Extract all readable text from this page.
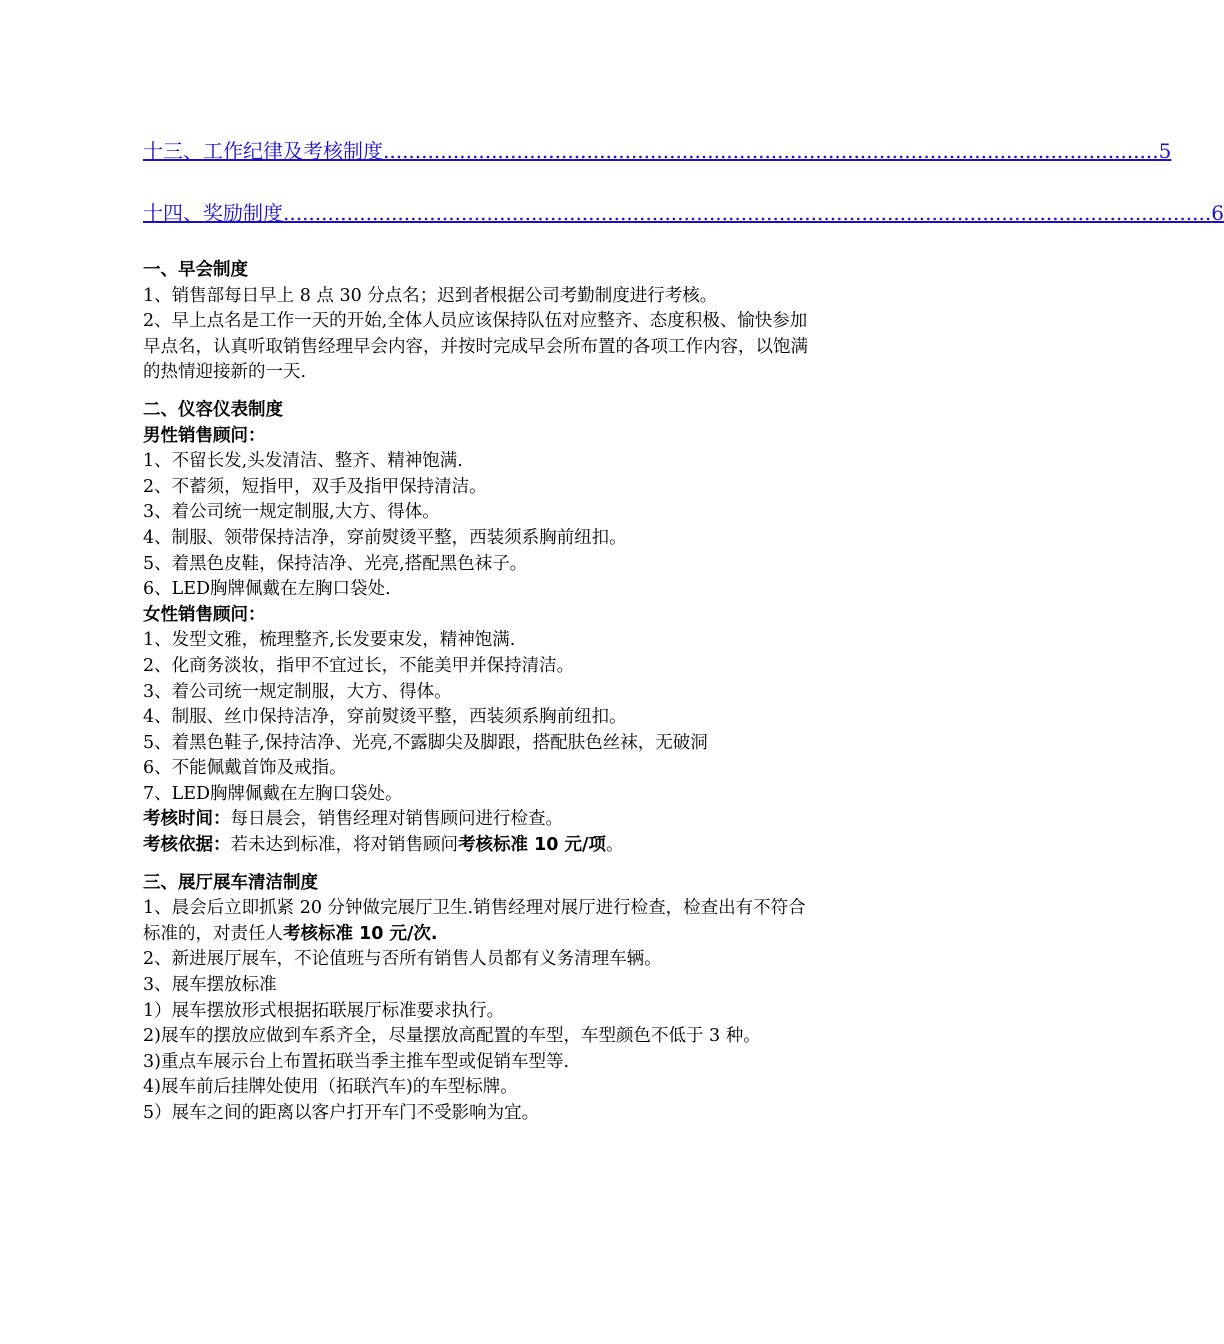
十三、工作纪律及考核制度 .......................................................................................................................... 5
十四、奖励制度 .................................................................................................................................................. 6

一、早会制度

1、销售部每日早上 8 点 30 分点名；迟到者根据公司考勤制度进行考核。

2、早上点名是工作一天的开始,全体人员应该保持队伍对应整齐、态度积极、愉快参加早点名，认真听取销售经理早会内容，并按时完成早会所布置的各项工作内容，以饱满的热情迎接新的一天.

二、仪容仪表制度

男性销售顾问：

1、不留长发,头发清洁、整齐、精神饱满.

2、不蓄须，短指甲，双手及指甲保持清洁。

3、着公司统一规定制服,大方、得体。

4、制服、领带保持洁净，穿前熨烫平整，西装须系胸前纽扣。

5、着黑色皮鞋，保持洁净、光亮,搭配黑色袜子。

6、LED胸牌佩戴在左胸口袋处.

女性销售顾问：

1、发型文雅，梳理整齐,长发要束发，精神饱满.

2、化商务淡妆，指甲不宜过长，不能美甲并保持清洁。

3、着公司统一规定制服，大方、得体。

4、制服、丝巾保持洁净，穿前熨烫平整，西装须系胸前纽扣。

5、着黑色鞋子,保持洁净、光亮,不露脚尖及脚跟，搭配肤色丝袜，无破洞

6、不能佩戴首饰及戒指。

7、LED胸牌佩戴在左胸口袋处。

考核时间：每日晨会，销售经理对销售顾问进行检查。

考核依据：若未达到标准，将对销售顾问考核标准 10 元/项。

三、展厅展车清洁制度

1、晨会后立即抓紧 20 分钟做完展厅卫生.销售经理对展厅进行检查，检查出有不符合标准的，对责任人考核标准 10 元/次.

2、新进展厅展车，不论值班与否所有销售人员都有义务清理车辆。

3、展车摆放标准

1）展车摆放形式根据拓联展厅标准要求执行。

2)展车的摆放应做到车系齐全，尽量摆放高配置的车型，车型颜色不低于 3 种。

3)重点车展示台上布置拓联当季主推车型或促销车型等.

4)展车前后挂牌处使用（拓联汽车)的车型标牌。

5）展车之间的距离以客户打开车门不受影响为宜。
